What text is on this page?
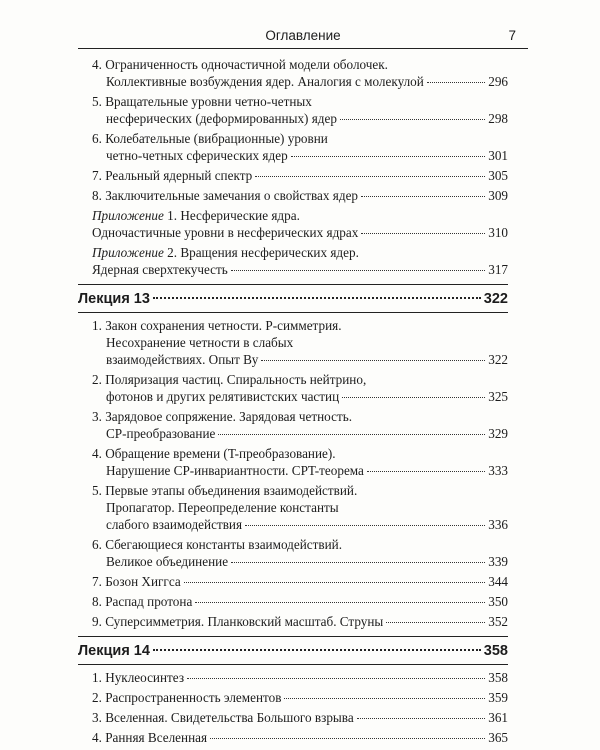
Оглавление	7
4. Ограниченность одночастичной модели оболочек.
Коллективные возбуждения ядер. Аналогия с молекулой	296
5. Вращательные уровни четно-четных
несферических (деформированных) ядер	298
6. Колебательные (вибрационные) уровни
четно-четных сферических ядер	301
7. Реальный ядерный спектр	305
8. Заключительные замечания о свойствах ядер	309
Приложение 1. Несферические ядра.
Одночастичные уровни в несферических ядрах	310
Приложение 2. Вращения несферических ядер.
Ядерная сверхтекучесть	317
Лекция 13	322
1. Закон сохранения четности. P-симметрия.
Несохранение четности в слабых
взаимодействиях. Опыт Ву	322
2. Поляризация частиц. Спиральность нейтрино,
фотонов и других релятивистских частиц	325
3. Зарядовое сопряжение. Зарядовая четность.
CP-преобразование	329
4. Обращение времени (T-преобразование).
Нарушение CP-инвариантности. CPT-теорема	333
5. Первые этапы объединения взаимодействий.
Пропагатор. Переопределение константы
слабого взаимодействия	336
6. Сбегающиеся константы взаимодействий.
Великое объединение	339
7. Бозон Хиггса	344
8. Распад протона	350
9. Суперсимметрия. Планковский масштаб. Струны	352
Лекция 14	358
1. Нуклеосинтез	358
2. Распространенность элементов	359
3. Вселенная. Свидетельства Большого взрыва	361
4. Ранняя Вселенная	365
